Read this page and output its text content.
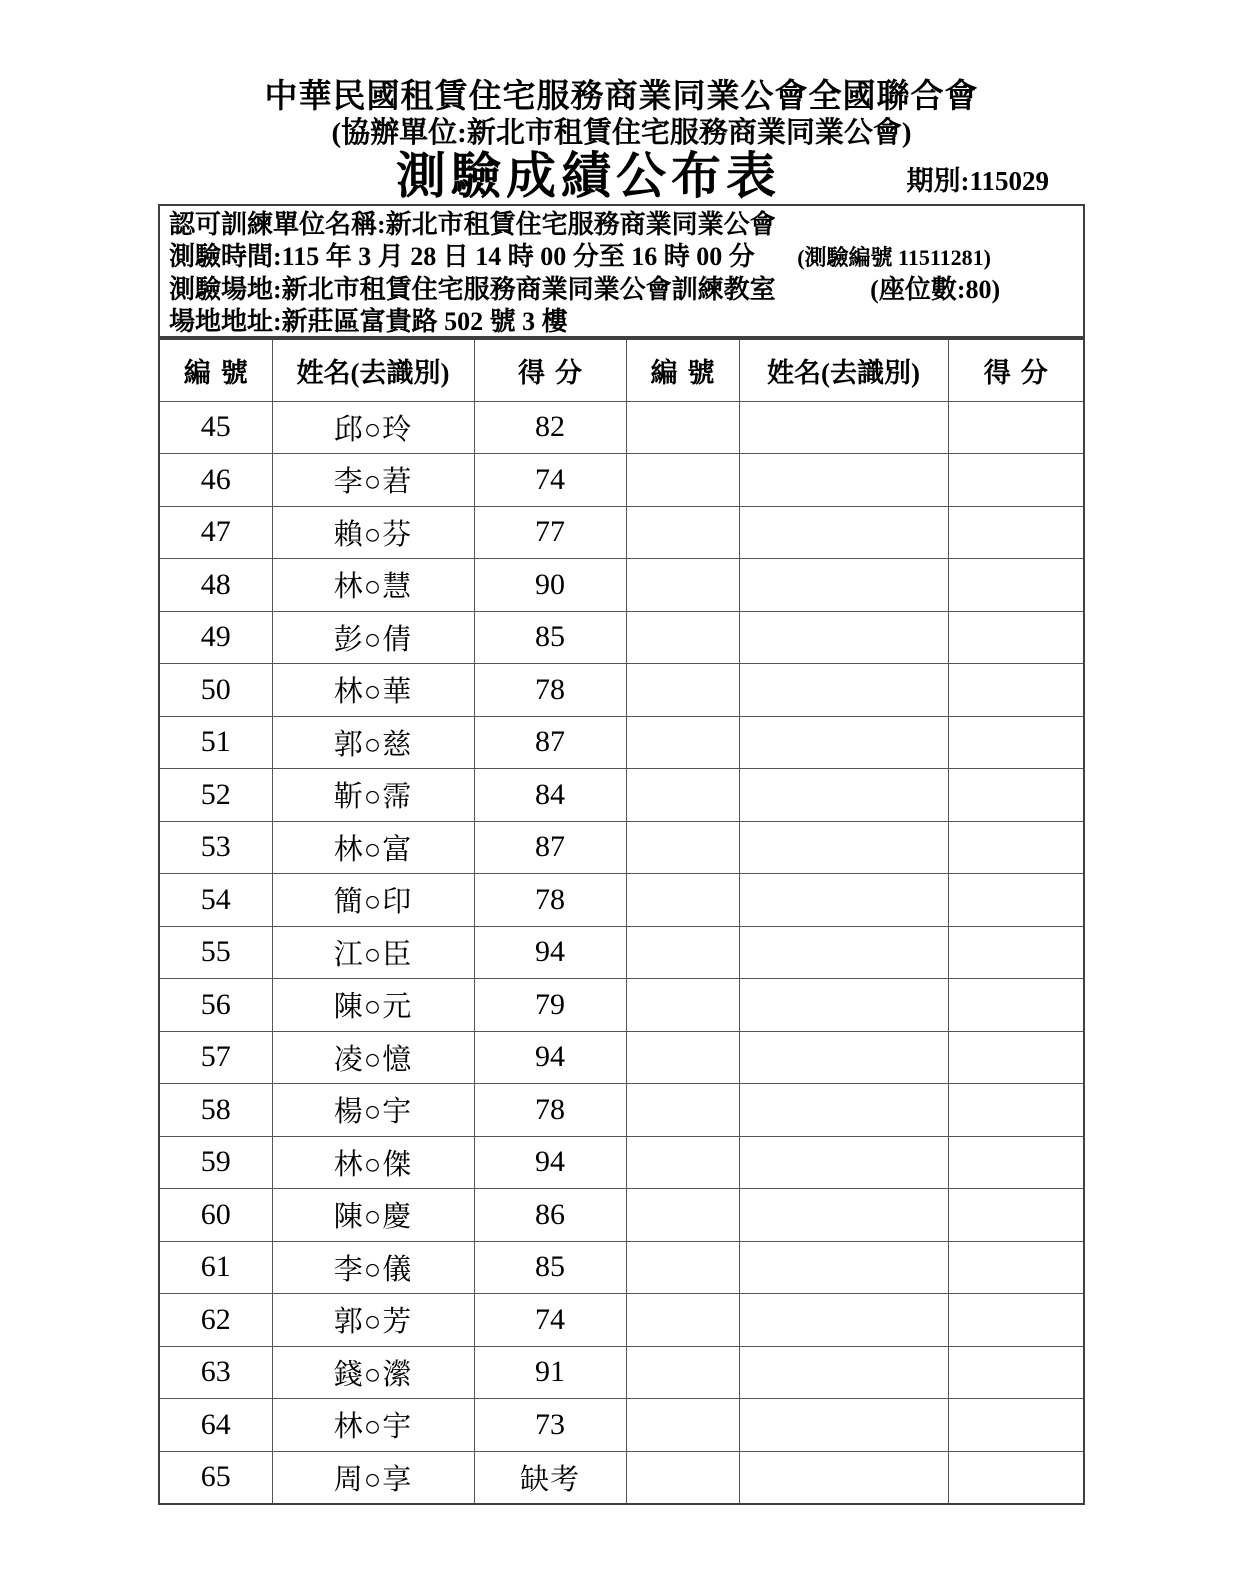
中華民國租賃住宅服務商業同業公會全國聯合會
(協辦單位:新北市租賃住宅服務商業同業公會)
測驗成績公布表	期別:115029
認可訓練單位名稱:新北市租賃住宅服務商業同業公會
測驗時間:115 年 3 月 28 日 14 時 00 分至 16 時 00 分 (測驗編號 11511281)
測驗場地:新北市租賃住宅服務商業同業公會訓練教室	(座位數:80)
場地地址:新莊區富貴路 502 號 3 樓
編號	姓名(去識別)	得分	編號	姓名(去識別)	得分
45	邱○玲	82			
46	李○莙	74			
47	賴○芬	77			
48	林○慧	90			
49	彭○倩	85			
50	林○華	78			
51	郭○慈	87			
52	靳○霈	84			
53	林○富	87			
54	簡○印	78			
55	江○臣	94			
56	陳○元	79			
57	凌○憶	94			
58	楊○宇	78			
59	林○傑	94			
60	陳○慶	86			
61	李○儀	85			
62	郭○芳	74			
63	錢○瀠	91			
64	林○宇	73			
65	周○享	缺考			
